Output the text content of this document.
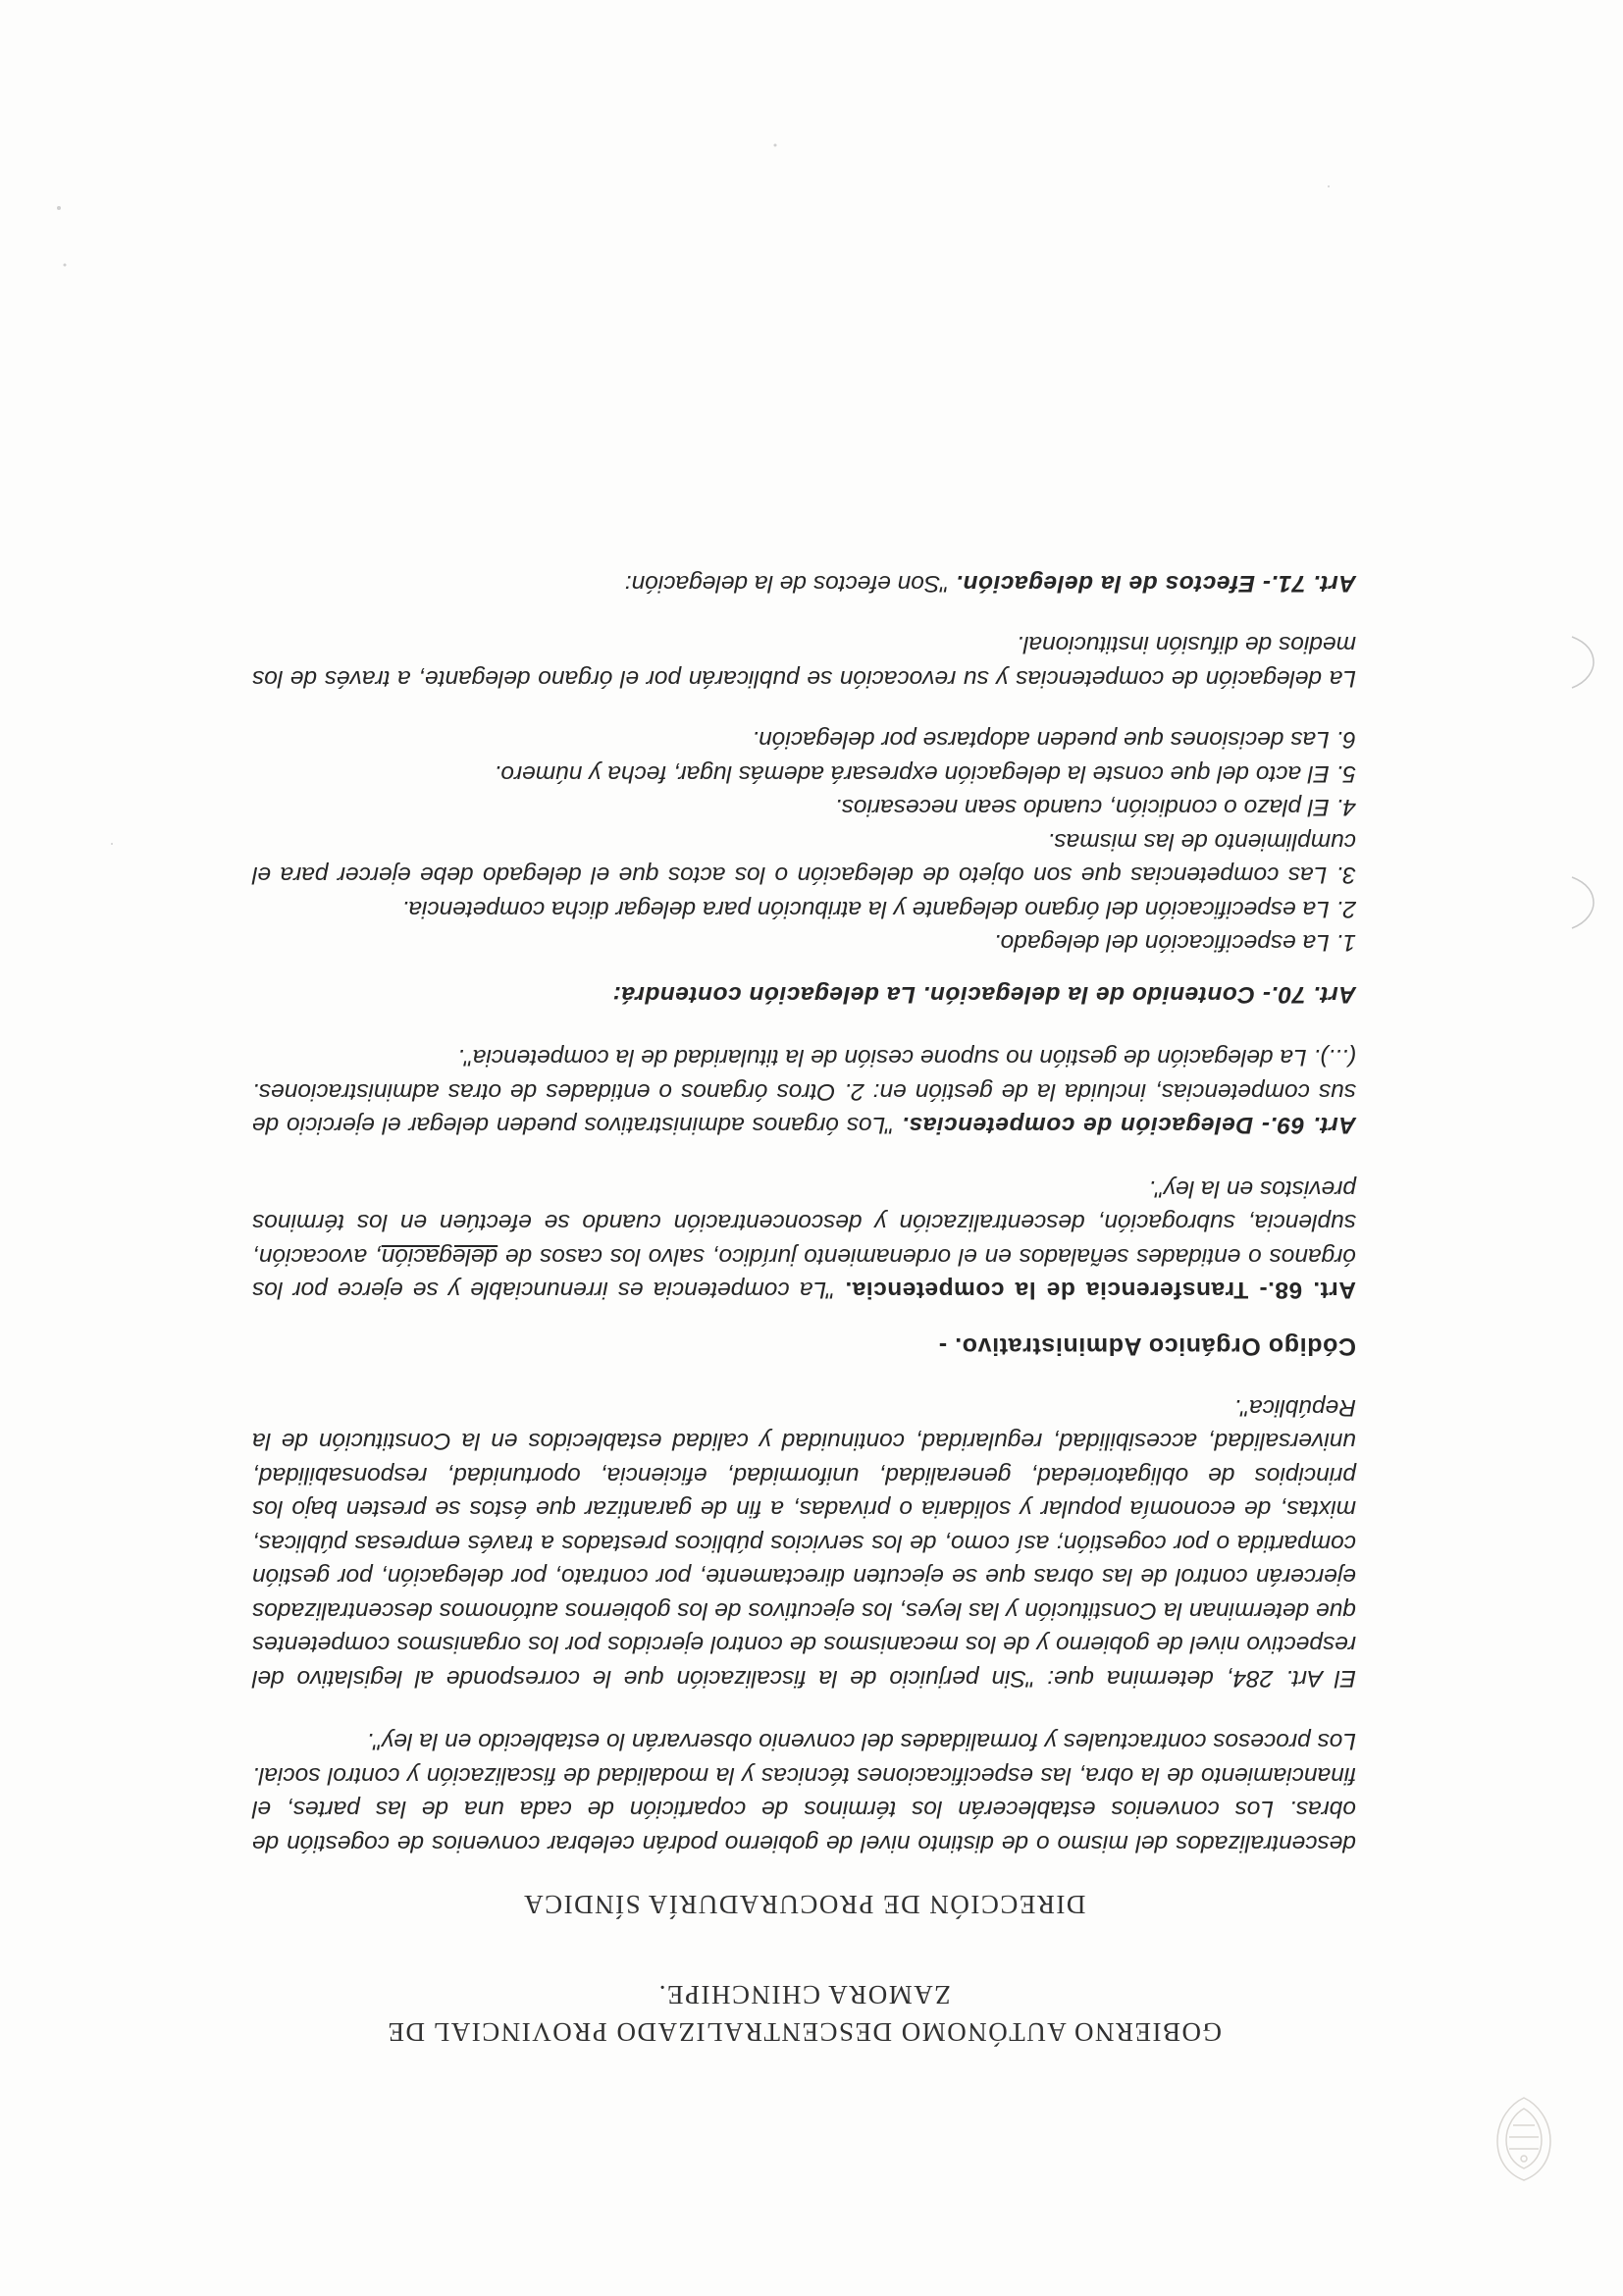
GOBIERNO AUTÓNOMO DESCENTRALIZADO PROVINCIAL DE
ZAMORA CHINCHIPE.
DIRECCIÓN DE PROCURADURÍA SÍNDICA

descentralizados del mismo o de distinto nivel de gobierno podrán celebrar convenios de cogestión de obras. Los convenios establecerán los términos de copartición de cada una de las partes, el financiamiento de la obra, las especificaciones técnicas y la modalidad de fiscalización y control social. Los procesos contractuales y formalidades del convenio observarán lo establecido en la ley".

El Art. 284, determina que: "Sin perjuicio de la fiscalización que le corresponde al legislativo del respectivo nivel de gobierno y de los mecanismos de control ejercidos por los organismos competentes que determinan la Constitución y las leyes, los ejecutivos de los gobiernos autónomos descentralizados ejercerán control de las obras que se ejecuten directamente, por contrato, por delegación, por gestión compartida o por cogestión; así como, de los servicios públicos prestados a través empresas públicas, mixtas, de economía popular y solidaria o privadas, a fin de garantizar que éstos se presten bajo los principios de obligatoriedad, generalidad, uniformidad, eficiencia, oportunidad, responsabilidad, universalidad, accesibilidad, regularidad, continuidad y calidad establecidos en la Constitución de la República".

Código Orgánico Administrativo. -

Art. 68.- Transferencia de la competencia. "La competencia es irrenunciable y se ejerce por los órganos o entidades señalados en el ordenamiento jurídico, salvo los casos de delegación, avocación, suplencia, subrogación, descentralización y desconcentración cuando se efectúen en los términos previstos en la ley".

Art. 69.- Delegación de competencias. "Los órganos administrativos pueden delegar el ejercicio de sus competencias, incluida la de gestión en: 2. Otros órganos o entidades de otras administraciones. (...). La delegación de gestión no supone cesión de la titularidad de la competencia".

Art. 70.- Contenido de la delegación. La delegación contendrá:

1. La especificación del delegado.
2. La especificación del órgano delegante y la atribución para delegar dicha competencia.
3. Las competencias que son objeto de delegación o los actos que el delegado debe ejercer para el cumplimiento de las mismas.
4. El plazo o condición, cuando sean necesarios.
5. El acto del que conste la delegación expresará además lugar, fecha y número.
6. Las decisiones que pueden adoptarse por delegación.
La delegación de competencias y su revocación se publicarán por el órgano delegante, a través de los medios de difusión institucional.

Art. 71.- Efectos de la delegación. "Son efectos de la delegación:
